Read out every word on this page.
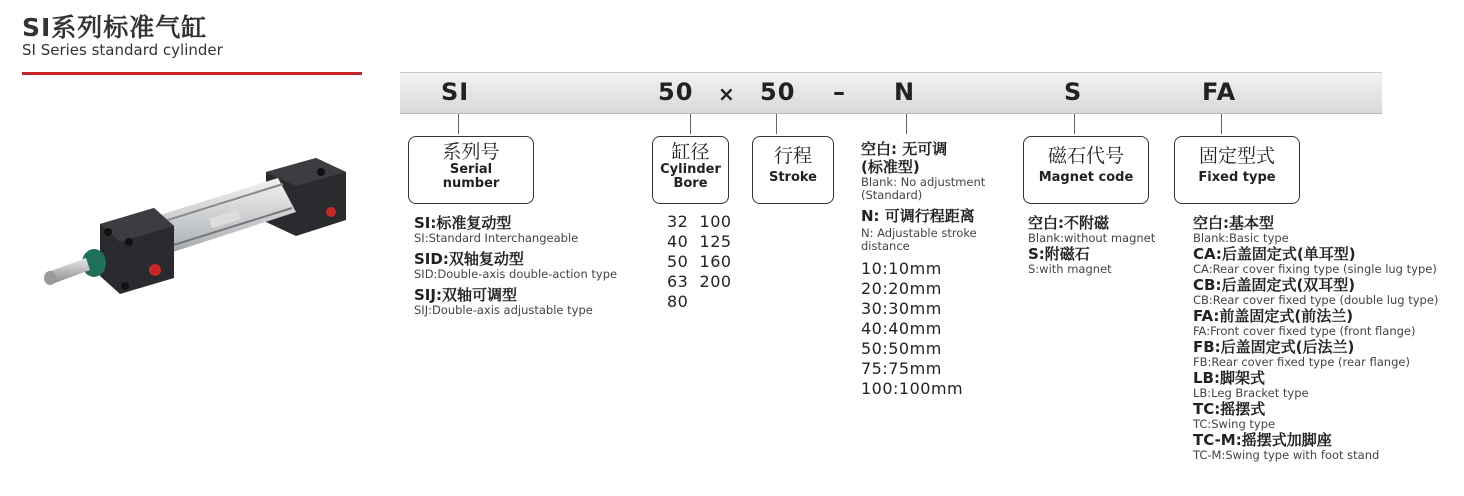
SI系列标准气缸
SI Series standard cylinder
SI	50 × 50 – N	S	FA
系列号
Serial
number
缸径
Cylinder
Bore
行程
Stroke
磁石代号
Magnet code
固定型式
Fixed type
SI:标准复动型
SI:Standard Interchangeable
SID:双轴复动型
SID:Double-axis double-action type
SIJ:双轴可调型
SIJ:Double-axis adjustable type
32  100
40  125
50  160
63  200
80
空白: 无可调
(标准型)
Blank: No adjustment
(Standard)
N: 可调行程距离
N: Adjustable stroke
distance
10:10mm
20:20mm
30:30mm
40:40mm
50:50mm
75:75mm
100:100mm
空白:不附磁
Blank:without magnet
S:附磁石
S:with magnet
空白:基本型
Blank:Basic type
CA:后盖固定式(单耳型)
CA:Rear cover fixing type (single lug type)
CB:后盖固定式(双耳型)
CB:Rear cover fixed type (double lug type)
FA:前盖固定式(前法兰)
FA:Front cover fixed type (front flange)
FB:后盖固定式(后法兰)
FB:Rear cover fixed type (rear flange)
LB:脚架式
LB:Leg Bracket type
TC:摇摆式
TC:Swing type
TC-M:摇摆式加脚座
TC-M:Swing type with foot stand
